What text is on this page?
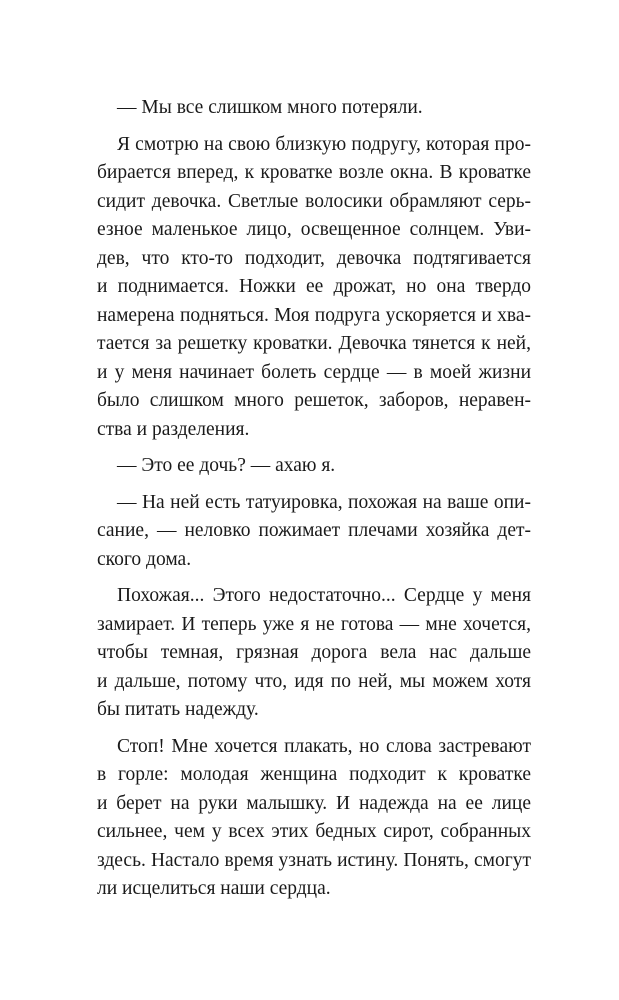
— Мы все слишком много потеряли.
Я смотрю на свою близкую подругу, которая про-
бирается вперед, к кроватке возле окна. В кроватке
сидит девочка. Светлые волосики обрамляют серь-
езное маленькое лицо, освещенное солнцем. Уви-
дев, что кто-то подходит, девочка подтягивается
и поднимается. Ножки ее дрожат, но она твердо
намерена подняться. Моя подруга ускоряется и хва-
тается за решетку кроватки. Девочка тянется к ней,
и у меня начинает болеть сердце — в моей жизни
было слишком много решеток, заборов, неравен-
ства и разделения.
— Это ее дочь? — ахаю я.
— На ней есть татуировка, похожая на ваше опи-
сание, — неловко пожимает плечами хозяйка дет-
ского дома.
Похожая... Этого недостаточно... Сердце у меня
замирает. И теперь уже я не готова — мне хочется,
чтобы темная, грязная дорога вела нас дальше
и дальше, потому что, идя по ней, мы можем хотя
бы питать надежду.
Стоп! Мне хочется плакать, но слова застревают
в горле: молодая женщина подходит к кроватке
и берет на руки малышку. И надежда на ее лице
сильнее, чем у всех этих бедных сирот, собранных
здесь. Настало время узнать истину. Понять, смогут
ли исцелиться наши сердца.
